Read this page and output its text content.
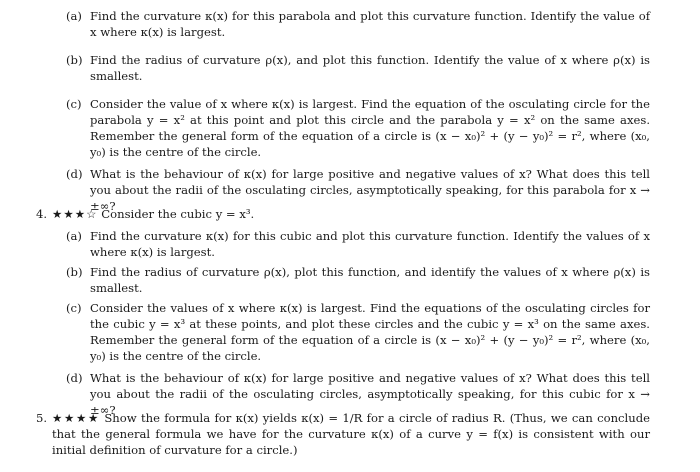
(a) Find the curvature κ(x) for this parabola and plot this curvature function. Identify the value of x where κ(x) is largest.
(b) Find the radius of curvature ρ(x), and plot this function. Identify the value of x where ρ(x) is smallest.
(c) Consider the value of x where κ(x) is largest. Find the equation of the osculating circle for the parabola y = x² at this point and plot this circle and the parabola y = x² on the same axes. Remember the general form of the equation of a circle is (x − x₀)² + (y − y₀)² = r², where (x₀, y₀) is the centre of the circle.
(d) What is the behaviour of κ(x) for large positive and negative values of x? What does this tell you about the radii of the osculating circles, asymptotically speaking, for this parabola for x → ±∞?
4. ★★★☆ Consider the cubic y = x³.
(a) Find the curvature κ(x) for this cubic and plot this curvature function. Identify the values of x where κ(x) is largest.
(b) Find the radius of curvature ρ(x), plot this function, and identify the values of x where ρ(x) is smallest.
(c) Consider the values of x where κ(x) is largest. Find the equations of the osculating circles for the cubic y = x³ at these points, and plot these circles and the cubic y = x³ on the same axes. Remember the general form of the equation of a circle is (x − x₀)² + (y − y₀)² = r², where (x₀, y₀) is the centre of the circle.
(d) What is the behaviour of κ(x) for large positive and negative values of x? What does this tell you about the radii of the osculating circles, asymptotically speaking, for this cubic for x → ±∞?
5. ★★★★ Show the formula for κ(x) yields κ(x) = 1/R for a circle of radius R. (Thus, we can conclude that the general formula we have for the curvature κ(x) of a curve y = f(x) is consistent with our initial definition of curvature for a circle.)
